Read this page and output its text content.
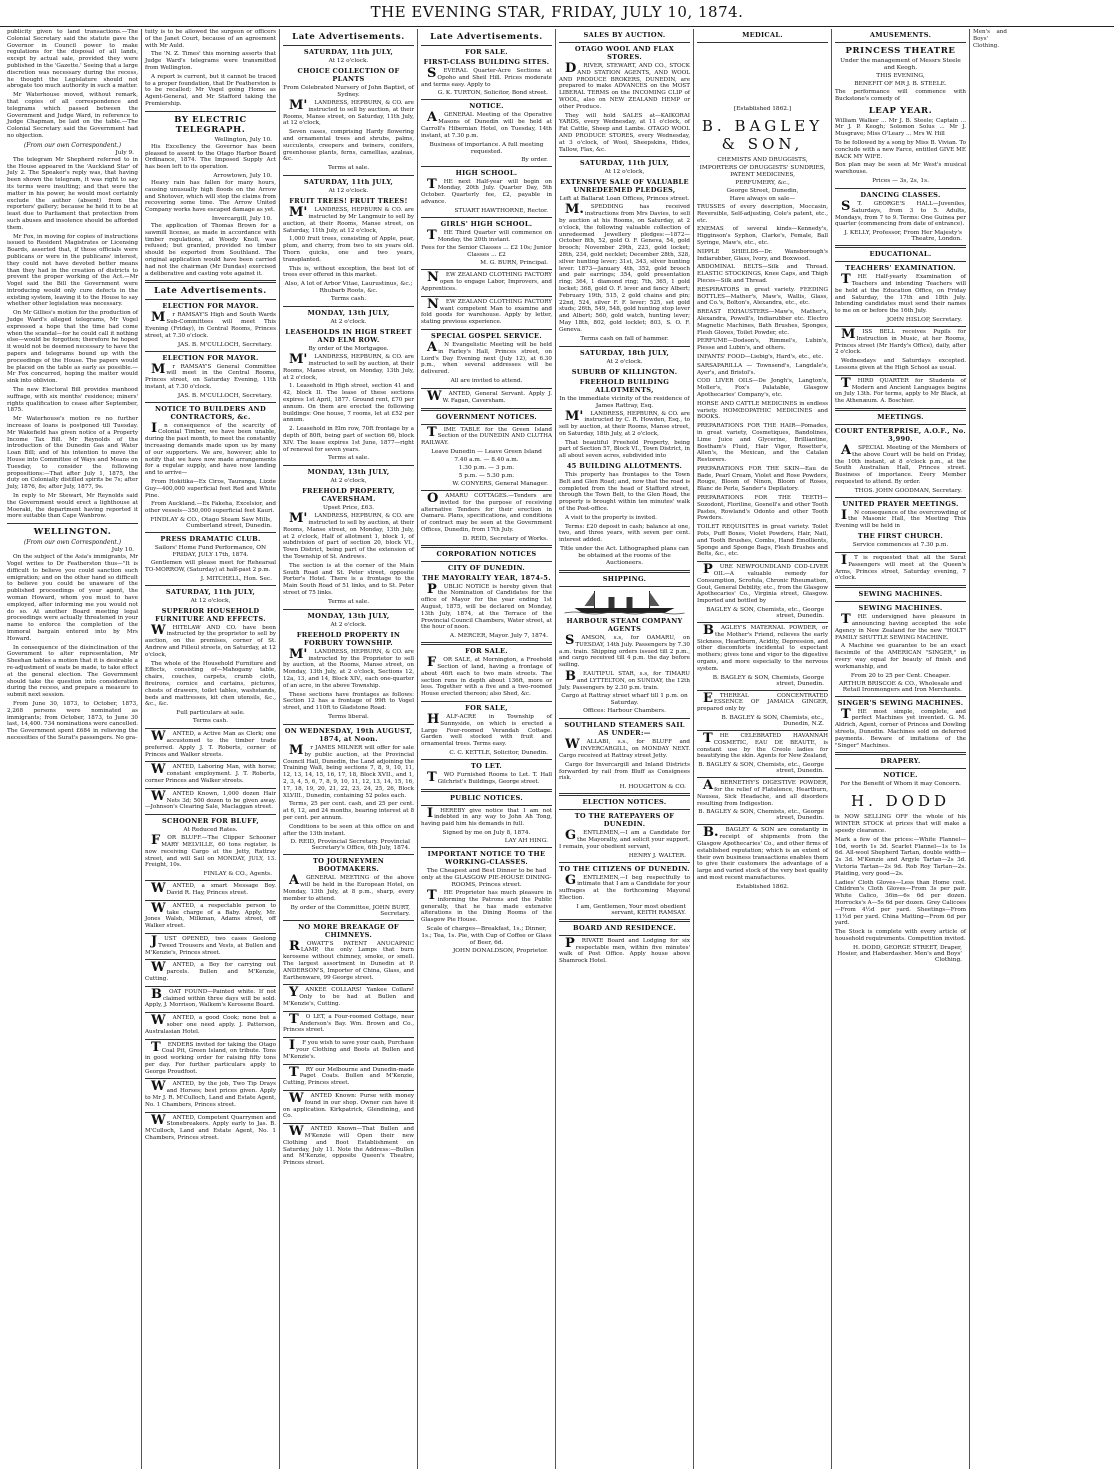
THE EVENING STAR, FRIDAY, JULY 10, 1874.

publicity given to land transactions.—The Colonial Secretary said the statute gave the Governor in Council power to make regulations for the disposal of all lands, except by actual sale, provided they were published in the 'Gazette.' Seeing that a large discretion was necessary during the recess, he thought the Legislature should not abrogate too much authority in such a matter.

Mr Waterhouse moved, without remark, that copies of all correspondence and telegrams which passed between the Government and Judge Ward, in reference to Judge Chapman, be laid on the table.—The Colonial Secretary said the Government had no objection.

(From our own Correspondent.)
July 9.

The telegram Mr Shepherd referred to in the House appeared in the 'Auckland Star' of July 2. The Speaker's reply was, that having been shown the telegram, it was right to say its terms were insulting; and that were the matter in his power, he would most certainly exclude the author (absent) from the reporters' gallery; because he held it to be at least due to Parliament that protection from such abuses and insolence should be afforded them.

Mr Fox, in moving for copies of instructions issued to Resident Magistrates or Licensing Boards, asserted that, if those officials were publicans or were in the publicans' interest, they could not have devoted better means than they had in the creation of districts to prevent the proper working of the Act.—Mr Vogel said the Bill the Government were introducing would only cure defects in the existing system, leaving it to the House to say whether other legislation was necessary.

On Mr Gillies's motion for the production of Judge Ward's alleged telegrams, Mr Vogel expressed a hope that the time had come when the scandal—for he could call it nothing else—would be forgotten; therefore he hoped it would not be deemed necessary to have the papers and telegrams bound up with the proceedings of the House. The papers would be placed on the table as early as possible.—Mr Fox concurred, hoping the matter would sink into oblivion.

The new Electoral Bill provides manhood suffrage, with six months' residence; miners' rights qualification to cease after September, 1875.

Mr Waterhouse's motion re no further increase of loans is postponed till Tuesday. Mr Wakefield has given notice of a Property Income Tax Bill. Mr Reynolds of the introduction of the Dunedin Gas and Water Loan Bill; and of his intention to move the House into Committee of Ways and Means on Tuesday, to consider the following propositions:—That after July 1, 1875, the duty on Colonially distilled spirits be 7s; after July, 1876, 8s; after July, 1877, 9s.

In reply to Mr Stewart, Mr Reynolds said the Government would erect a lighthouse at Moeraki, the department having reported it more suitable than Cape Wanbrow.

WELLINGTON.
(From our own Correspondent.)
July 10.

On the subject of the Asia's immigrants, Mr Vogel writes to Dr Featherston thus—"It is difficult to believe you could sanction such emigration; and on the other hand so difficult to believe you could be unaware of the published proceedings of your agent, the woman Howard, whom you must to have employed, after informing me you would not do so. At another Board meeting legal proceedings were actually threatened in your name to enforce the completion of the immoral bargain entered into by Mrs Howard.

In consequence of the disinclination of the Government to alter representation, Mr Sheehan tables a motion that it is desirable a re-adjustment of seats be made, to take effect at the general election. The Government should take the question into consideration during the recess, and prepare a measure to submit next session.

From June 30, 1873, to October, 1873, 2,268 persons were nominated as immigrants; from October, 1873, to June 30 last, 14,400. 734 nominations were cancelled. The Government spent £684 in relieving the necessities of the Surat's passengers. No gra-

tuity is to be allowed the surgeon or officers of the Janet Court, because of an agreement with Mr Auld.

The 'N. Z. Times' this morning asserts that Judge Ward's telegrams were transmitted from Wellington.

A report is current, but it cannot be traced to a proper foundation, that Dr Featherston is to be recalled; Mr Vogel going Home as Agent-General, and Mr Stafford taking the Premiership.

BY ELECTRIC TELEGRAPH.
Wellington, July 10.

His Excellency the Governor has been pleased to assent to the Otago Harbor Board Ordinance, 1874. The Imposed Supply Act has been left to its operation.

Arrowtown, July 10.

Heavy rain has fallen for many hours, causing unusually high floods on the Arrow and Shotover, which will stop the claims from recovering some time. The Arrow United Company works have escaped damage as yet.

Invercargill, July 10.

The application of Thomas Brown for a sawmill license, as made in accordance with timber regulations, at Woody Knoll, was refused; but granted, provided no timber should be exported from Southland. The original application would have been carried had not the chairman (Mr Dundas) exercised a deliberative and casting vote against it.

Late Advertisements.
ELECTION FOR MAYOR.

Mr RAMSAY'S High and South Wards Sub-Committees will meet This Evening (Friday), in Central Rooms, Princes street, at 7.30 o'clock.

JAS. B. M'CULLOCH, Secretary.
ELECTION FOR MAYOR.

Mr RAMSAY'S General Committee will meet in the Central Rooms, Princes street, on Saturday Evening, 11th instant, at 7.30 o'clock.

JAS. B. M'CULLOCH, Secretary.
NOTICE TO BUILDERS AND CONTRACTORS, &c.

In consequence of the scarcity of Colonial Timber, we have been unable, during the past month, to meet the constantly increasing demands made upon us by many of our supporters. We are, however, able to notify that we have now made arrangements for a regular supply, and have now landing and to arrive—

From Hokitika—Ex Ciros, Tauranga, Lizzie Guy—400,000 superficial feet Red and White Pine.

From Auckland.—Ex Fakeha, Excelsior, and other vessels—350,000 superficial feet Kauri.

FINDLAY & CO., Otago Steam Saw Mills, Cumberland street, Dunedin.
PRESS DRAMATIC CLUB.
Sailors' Home Fund Performance, ON FRIDAY, JULY 17th, 1874.

Gentlemen will please meet for Rehearsal TO-MORROW, (Saturday) at half-past 2 p.m.

J. MITCHELL, Hon. Sec.
SATURDAY, 11th JULY,
At 12 o'clock,
SUPERIOR HOUSEHOLD FURNITURE AND EFFECTS.

WHITELAW AND CO. have been instructed by the proprietor to sell by auction, on the premises, corner of St. Andrew and Filleul streets, on Saturday, at 12 o'clock,

The whole of the Household Furniture and Effects, consisting of—Mahogany table, chairs, couches, carpets, crumb cloth, fireirons, cornice and curtains, pictures, chests of drawers, toilet tables, washstands, beds and mattresses, kit chen utensils, &c., &c., &c.

Full particulars at sale.
Terms cash.

WANTED, a Active Man as Clerk; one accustomed to the timber trade preferred. Apply J. T. Roberts, corner of Princes and Walker streets.

WANTED, Laboring Man, with horse; constant employment. J. T. Roberts, corner Princes and Walker streets.

WANTED Known, 1,000 dozen Hair Nets 3d; 500 dozen to be given away.—Johnson's Clearing Sale, Maclaggan street.

SCHOONER FOR BLUFF,
At Reduced Rates.

FOR BLUFF.—The Clipper Schooner MARY MELVILLE, 60 tons register, is now receiving Cargo at the Jetty, Rattray street, and will Sail on MONDAY, JULY, 13. Freight, 10s.

FINLAY & CO., Agents.

WANTED, a smart Message Boy. David R. Hay, Princes street.

WANTED, a respectable person to take charge of a Baby. Apply, Mr. Jones Walsh, Milkman, Adams street, off Walker street.

JUST OPENED, two cases Geelong Tweed Trousers and Vests, at Bullen and M'Kenzie's, Princes street.

WANTED, a Boy for carrying out parcels. Bullen and M'Kenzie, Cutting.

BOAT FOUND—Painted white. If not claimed within three days will be sold. Apply, J. Morrison, Walkem's Kerosene Board.

WANTED, a good Cook; none but a sober one need apply. J. Patterson, Australasian Hotel.

TENDERS invited for taking the Otago Coal Pit, Green Island, on tribute. Tons in good working order for raising fifty tons per day. For further particulars apply to George Proudfoot.

WANTED, by the job, Two Tip Drays and Horses; best prices given. Apply to Mr J. R. M'Culloch, Land and Estate Agent, No. 1 Chambers, Princes street.

WANTED, Competent Quarrymen and Stonebreakers. Apply early to Jas. B. M'Culloch, Land and Estate Agent, No. 1 Chambers, Princes street.

Late Advertisements.
SATURDAY, 11th JULY,
At 12 o'clock.
CHOICE COLLECTION OF PLANTS
From Celebrated Nursery of John Baptist, of Sydney.

M'LANDRESS, HEPBURN, & CO. are instructed to sell by auction, at their Rooms, Manse street, on Saturday, 11th July, at 12 o'clock,

Seven cases, comprising Hardy flowering and ornamental trees and shrubs, palms, succulents, creepers and twiners, conifers, greenhouse plants, ferns, camellias, azaleas, &c.

Terms at sale.
SATURDAY, 11th JULY,
At 12 o'clock.
FRUIT TREES! FRUIT TREES!

M'LANDRESS, HEPBURN & CO. are instructed by Mr Langmuir to sell by auction, at their Rooms, Manse street, on Saturday, 11th July, at 12 o'clock,

1,000 fruit trees, consisting of Apple, pear, plum, and cherry, from two to six years old. Thorn quicks, one and two years, transplanted.

This is, without exception, the best lot of trees ever offered in this market.

Also, A lot of Arbor Vitae, Laurustinus, &c.; Rhubarb Roots, &c.
Terms cash.
MONDAY, 13th JULY,
At 2 o'clock.
LEASEHOLDS IN HIGH STREET AND ELM ROW.
By order of the Mortgagee.

M'LANDRESS, HEPBURN, & CO. are instructed to sell by auction, at their Rooms, Manse street, on Monday, 13th July, at 2 o'clock,

1. Leasehold in High street, section 41 and 42, block II. The lease of these sections expires 1st April, 1877. Ground rent, £70 per annum. On them are erected the following buildings: One house, 7 rooms, let at £52 per annum.

2. Leasehold in Elm row, 70ft frontage by a depth of 80ft, being part of section 66, block XIV. The lease expires 1st June, 1877—right of renewal for seven years.

Terms at sale.
MONDAY, 13th JULY,
At 2 o'clock,
FREEHOLD PROPERTY, CAVERSHAM.
Upset Price, £63.

M'LANDRESS, HEPBURN, & CO. are instructed to sell by auction, at their Rooms, Manse street, on Monday, 13th July, at 2 o'clock, Half of allotment 1, block 1, of subdivision of part of section 20, block VI., Town District, being part of the extension of the Township of St. Andrews.

The section is at the corner of the Main South Road and St. Peter street, opposite Porter's Hotel. There is a frontage to the Main South Road of 51 links, and to St. Peter street of 75 links.

Terms at sale.
MONDAY, 13th JULY,
At 2 o'clock.
FREEHOLD PROPERTY IN FORBURY TOWNSHIP.

M'LANDRESS, HEPBURN, & CO. are instructed by the Proprietor to sell by auction, at the Rooms, Manse street, on Monday, 13th July, at 2 o'clock, Sections 12, 12a, 13, and 14, Block XIV., each one-quarter of an acre, in the above Township.

These sections have frontages as follows: Section 12 has a frontage of 99ft to Vogel street, and 110ft to Gladstone Road.

Terms liberal.
ON WEDNESDAY, 19th AUGUST, 1874, at Noon.

Mr JAMES MILNER will offer for sale by public auction, at the Provincial Council Hall, Dunedin, the Land adjoining the Training Wall, being sections 7, 8, 9, 10, 11, 12, 13, 14, 15, 16, 17, 18, Block XVII., and 1, 2, 3, 4, 5, 6, 7, 8, 9, 10, 11, 12, 13, 14, 15, 16, 17, 18, 19, 20, 21, 22, 23, 24, 25, 26, Block XLVIII., Dunedin, containing 52 poles each.

Terms, 25 per cent. cash, and 25 per cent. at 6, 12, and 24 months, bearing interest at 8 per cent. per annum.

Conditions to be seen at this office on and after the 13th instant.

D. REID, Provincial Secretary. Provincial Secretary's Office, 6th July, 1874.
TO JOURNEYMEN BOOTMAKERS.

AGENERAL MEETING of the above will be held in the European Hotel, on Monday, 13th July, at 8 p.m., sharp, every member to attend.

By order of the Committee, JOHN BURT, Secretary.
NO MORE BREAKAGE OF CHIMNEYS.

ROWATT'S PATENT ANUCAPNIC LAMP, the only Lamps that burn kerosene without chimney, smoke, or smell. The largest assortment in Dunedin at P. ANDERSON'S, Importer of China, Glass, and Earthenware, 99 George street.

YANKEE COLLARS! Yankee Collars! Only to be had at Bullen and M'Kenzie's, Cutting.

TO LET, a Four-roomed Cottage, near Anderson's Bay. Wm. Brown and Co., Princes street.

IF you wish to save your cash, Purchase your Clothing and Boots at Bullen and M'Kenzie's.

TRY our Melbourne and Dunedin-made Paget Coats. Bullen and M'Kenzie, Cutting, Princes street.

WANTED Known: Purse with money found in our shop. Owner can have it on application. Kirkpatrick, Glendining, and Co.

WANTED Known—That Bullen and M'Kenzie will Open their new Clothing and Boot Establishment on Saturday, July 11. Note the Address:—Bullen and M'Kenzie, opposite Queen's Theatre, Princes street.

Late Advertisements.
FOR SALE.
FIRST-CLASS BUILDING SITES.

SEVERAL Quarter-Acre Sections at Opoho and Sheil Hill. Prices moderate and terms easy. Apply to

G. K. TURTON, Solicitor, Bond street.
NOTICE.

AGENERAL Meeting of the Operative Masons of Dunedin will be held at Carroll's Hibernian Hotel, on Tuesday, 14th instant, at 7.30 p.m.

Business of importance. A full meeting requested.
By order.
HIGH SCHOOL.

THE next Half-year will begin on Monday, 20th July. Quarter Day, 5th October. Quarterly fee, £2, payable in advance.

STUART HAWTHORNE, Rector.
GIRLS' HIGH SCHOOL.

THE Third Quarter will commence on Monday, the 20th instant.

Fees for the Senior Classes ... £2 10s; Junior Classes ... £2
M. G. BURN, Principal.

NEW ZEALAND CLOTHING FACTORY open to engage Labor, Improvers, and Apprentices.

NEW ZEALAND CLOTHING FACTORY want competent Man to examine and fold goods for warehouse. Apply by letter, stating previous experience.

SPECIAL GOSPEL SERVICE.

AN Evangelistic Meeting will be held in Farley's Hall, Princes street, on Lord's Day Evening next (July 12), at 6.30 p.m., when several addresses will be delivered.

All are invited to attend.

WANTED, General Servant. Apply J. W. Fagan, Caversham.

GOVERNMENT NOTICES.

TIME TABLE for the Green Island Section of the DUNEDIN AND CLUTHA RAILWAY.

Leave Dunedin — Leave Green Island
7.40 a.m. — 8.40 a.m.
1.30 p.m. — 3 p.m.
5 p.m. — 5.30 p.m.
W. CONYERS, General Manager.

OAMARU COTTAGES.—Tenders are invited for the purpose of receiving alternative Tenders for their erection in Oamaru. Plans, specifications, and conditions of contract may be seen at the Government Offices, Dunedin, from 17th July.

D. REID, Secretary of Works.
CORPORATION NOTICES
CITY OF DUNEDIN.
THE MAYORALTY YEAR, 1874-5.

PUBLIC NOTICE is hereby given that the Nomination of Candidates for the office of Mayor for the year ending 1st August, 1875, will be declared on Monday, 13th July, 1874, at the Terrace of the Provincial Council Chambers, Water street, at the hour of noon.

A. MERCER, Mayor. July 7, 1874.
FOR SALE.

FOR SALE, at Mornington, a Freehold Section of land, having a frontage of about 46ft each to two main streets. The section runs in depth about 136ft, more or less. Together with a five and a two-roomed House erected thereon; also Shed, &c.

FOR SALE,

HALF-ACRE in Township of Sunnyside, on which is erected a Large Four-roomed Verandah Cottage. Garden well stocked with fruit and ornamental trees. Terms easy.

C. C. KETTLE, Solicitor, Dunedin.
TO LET.

TWO Furnished Rooms to Let. T. Hall Gilchrist's Buildings, George street.

PUBLIC NOTICES.

IHEREBY give notice that I am not indebted in any way to John Ah Tong, having paid him his demands in full.

Signed by me on July 8, 1874.
LAY AH HING.
IMPORTANT NOTICE TO THE WORKING-CLASSES.
The Cheapest and Best Dinner to be had only at the GLASGOW PIE-HOUSE DINING-ROOMS, Princes street.

THE Proprietor has much pleasure in informing the Patrons and the Public generally, that he has made extensive alterations in the Dining Rooms of the Glasgow Pie House.

Scale of charges—Breakfast, 1s.; Dinner, 1s.; Tea, 1s. Pie, with Cup of Coffee or Glass of Beer, 6d.
JOHN DONALDSON, Proprietor.
SALES BY AUCTION.
OTAGO WOOL AND FLAX STORES.

DRIVER, STEWART, AND CO., STOCK AND STATION AGENTS, AND WOOL AND PRODUCE BROKERS, DUNEDIN, are prepared to make ADVANCES on the MOST LIBERAL TERMS on the INCOMING CLIP of WOOL, also on NEW ZEALAND HEMP or other Produce.

They will hold SALES at—KAIKORAI YARDS, every Wednesday, at 11 o'clock, of Fat Cattle, Sheep and Lambs. OTAGO WOOL AND PRODUCE STORES, every Wednesday, at 3 o'clock, of Wool, Sheepskins, Hides, Tallow, Flax, &c.

SATURDAY, 11th JULY,
At 12 o'clock,
EXTENSIVE SALE OF VALUABLE UNREDEEMED PLEDGES,
Left at Ballarat Loan Offices, Princes street.

M.SPEDDING has received instructions from Mrs Davies, to sell by auction at his Rooms, on Saturday, at 2 o'clock, the following valuable collection of unredeemed Jewellery pledges:—1872—October 8th, 52, gold O. F. Geneva, 54, gold brooch; November 29th, 223, gold locket; 28th, 234, gold necklet; December 28th, 328, silver hunting lever; 31st, 343, silver hunting lever. 1873—January 4th, 352, gold brooch and pair earrings; 354, gold presentation ring; 364, 1 diamond ring; 7th, 365, 1 gold locket; 368, gold O. F. lever and fancy Albert; February 19th, 515, 2 gold chains and pin; 22nd, 524, silver F. F. lever; 525, set gold studs; 26th, 549, 548, gold hunting stop lever and Albert; 560, gold watch, hunting lever; May 18th, 802, gold locklet; 803, S. O. F. Geneva.

Terms cash on fall of hammer.
SATURDAY, 18th JULY,
At 2 o'clock.
SUBURB OF KILLINGTON.
FREEHOLD BUILDING ALLOTMENTS,
In the immediate vicinity of the residence of James Rattray, Esq.

M'LANDRESS, HEPBURN, & CO. are instructed by C. R. Howden, Esq., to sell by auction, at their Rooms, Manse street, on Saturday, 18th July, at 2 o'clock,

That beautiful Freehold Property, being part of Section 57, Block VI., Town District, in all about seven acres, subdivided into

45 BUILDING ALLOTMENTS.

This property has frontages to the Town Belt and Glen Road; and, now that the road is completed from the head of Stafford street, through the Town Belt, to the Glen Road, the property is brought within ten minutes' walk of the Post-office.

A visit to the property is invited.

Terms: £20 deposit in cash; balance at one, two, and three years, with seven per cent. interest added.

Title under the Act. Lithographed plans can be obtained at the rooms of the Auctioneers.
SHIPPING.
HARBOUR STEAM COMPANY AGENTS

SAMSON, s.s, for OAMARU, on TUESDAY, 14th July. Passengers by 7.30 a.m. train. Shipping orders issued till 2 p.m., and cargo received till 4 p.m. the day before sailing.

BEAUTIFUL STAR, s.s, for TIMARU and LYTTELTON, on SUNDAY, the 12th July. Passengers by 2.30 p.m. train.

Cargo at Rattray street wharf till 1 p.m. on Saturday.
Offices: Harbour Chambers.
SOUTHLAND STEAMERS SAIL AS UNDER:—

WALLABI, s.s., for BLUFF and INVERCARGILL, on MONDAY NEXT. Cargo received at Rattray street Jetty.

Cargo for Invercargill and Inland Districts forwarded by rail from Bluff as Consignees risk.

H. HOUGHTON & CO.
ELECTION NOTICES.
TO THE RATEPAYERS OF DUNEDIN.

GENTLEMEN,—I am a Candidate for the Mayoralty, and solicit your support. I remain, your obedient servant,

HENRY J. WALTER.
TO THE CITIZENS OF DUNEDIN.

GENTLEMEN,—I beg respectfully to intimate that I am a Candidate for your suffrages at the forthcoming Mayoral Election.

I am, Gentlemen, Your most obedient servant, KEITH RAMSAY.
BOARD AND RESIDENCE.

PRIVATE Board and Lodging for six respectable men, within five minutes' walk of Post Office. Apply house above Shamrock Hotel.

MEDICAL.
[Established 1862.]
B. BAGLEY & SON,
CHEMISTS AND DRUGGISTS,
IMPORTERS OF DRUGGISTS' SUNDRIES, PATENT MEDICINES,
PERFUMERY, &c.,
George Street, Dunedin,
Have always on sale—

TRUSSES of every description, Moccasin, Reversible, Self-adjusting, Cole's patent, etc., etc.

ENEMAS of several kinds—Kennedy's, Higginson's Syphon, Clarke's, Female, Ball Syringe, Maw's, etc., etc.

NIPPLE SHIELDS—Dr. Wansborough's Indiarubber, Glass, Ivory, and Boxwood.

ABDOMINAL BELTS—Silk and Thread. ELASTIC STOCKINGS, Knee Caps, and Thigh Pieces—Silk and Thread.

RESPIRATORS in great variety. FEEDING BOTTLES—Mather's, Maw's, Wallis, Glass, and Co.'s, Bolton's, Alexandra, etc., etc.

BREAST EXHAUSTERS—Maw's, Mather's, Alexandra, Powell's, Indiarubber etc. Electro Magnetic Machines, Bath Brushes, Sponges, Flesh Gloves, Toilet Powder, etc.

PERFUME—Dodson's, Rimmel's, Lubin's, Piesse and Lubin's, and others.

INFANTS' FOOD—Liebig's, Hard's, etc., etc.

SARSAPARILLA — Townsend's, Langdale's, Ayer's, and Bristol's.

COD LIVER OILS—De Jongh's, Langton's, Moller's, Fox's Palatable, Glasgow Apothecaries' Company's, etc.

HORSE AND CATTLE MEDICINES in endless variety. HOMŒOPATHIC MEDICINES and BOOKS.

PREPARATIONS FOR THE HAIR—Pomades, in great variety, Cosmetiques, Bandolines, Lime Juice and Glycerine, Brilliantine, Bostham's Fluid, Hair Vigor, Rosetter's, Allen's, the Mexican, and the Catalan Restorers.

PREPARATIONS FOR THE SKIN—Eau de Bade, Pearl Cream, Violet and Rose Powders, Rouge, Bloom of Ninon, Bloom of Roses, Blanc de Perle, Sander's Depilatory.

PREPARATIONS FOR THE TEETH—Sozodont, Floriline, Gosnell's and other Tooth Pastes, Rowland's Odonto and other Tooth Powders.

TOILET REQUISITES in great variety. Toilet Pots, Puff Boxes, Violet Powders, Hair, Nail, and Tooth Brushes, Combs, Hand Emollients, Sponge and Sponge Bags, Flesh Brushes and Belts, &c., etc.

PURE NEWFOUNDLAND COD-LIVER OIL—A valuable remedy for Consumption, Scrofula, Chronic Rheumatism, Gout, General Debility, etc., from the Glasgow Apothecaries' Co., Virginia street, Glasgow. Imported and bottled by

BAGLEY & SON, Chemists, etc., George street, Dunedin.

BAGLEY'S MATERNAL POWDER, or the Mother's Friend, relieves the early Sickness, Heartburn, Acidity, Depression, and other discomforts incidental to expectant mothers; gives tone and vigor to the digestive organs, and more especially to the nervous system.

B. BAGLEY & SON, Chemists, George street, Dunedin.

ETHEREAL CONCENTRATED ESSENCE OF JAMAICA GINGER, prepared only by

B. BAGLEY & SON, Chemists, etc., Dunedin, N.Z.

THE CELEBRATED HAVANNAH COSMETIC, EAU DE BEAUTE, is constant use by the Creole ladies for beautifying the skin. Agents for New Zealand,

B. BAGLEY & SON, Chemists, etc., George street, Dunedin.

ABERNETHY'S DIGESTIVE POWDER, for the relief of Flatulence, Heartburn, Nausea, Sick Headache, and all disorders resulting from Indigestion.

B. BAGLEY & SON, Chemists, etc., George street, Dunedin.

B.BAGLEY & SON are constantly in receipt of shipments from the Glasgow Apothecaries' Co., and other firms of established reputation; which is an extent of their own business transactions enables them to give their customers the advantage of a large and varied stock of the very best quality and most recent manufactures.

Established 1862.
AMUSEMENTS.
PRINCESS THEATRE
Under the management of Messrs Steele and Keogh.
THIS EVENING,
BENEFIT OF MR J. B. STEELE.

The performance will commence with Buckstone's comedy of

LEAP YEAR.

William Walker ... Mr J. B. Steele; Captain ... Mr J. P. Keogh; Solomon Solus ... Mr J. Musgrave; Miss O'Leary ... Mrs W. Hill

To be followed by a song by Miss B. Vivian. To conclude with a new Farce, entitled GIVE ME BACK MY WIFE.

Box plan may be seen at Mr West's musical warehouse.

Prices — 3s, 2s, 1s.
DANCING CLASSES.

ST. GEORGE'S HALL—Juveniles, Saturdays, from 3 to 5. Adults, Mondays, from 7 to 9. Terms: One Guinea per quarter (commencing from date of entrance).

J. KELLY, Professor, From Her Majesty's Theatre, London.
EDUCATIONAL.
TEACHERS' EXAMINATION.

THE Half-yearly Examination of Teachers and intending Teachers will be held at the Education Office, on Friday and Saturday, the 17th and 18th July. Intending candidates must send their names to me on or before the 16th July.

JOHN HISLOP, Secretary.

MISS BELL receives Pupils for Instruction in Music, at her Rooms, Princes street (Mr Hardy's Office), daily, after 2 o'clock.

Wednesdays and Saturdays excepted. Lessons given at the High School as usual.

THIRD QUARTER for Students of Modern and Ancient Languages begins on July 13th. For terms, apply to Mr Black, at the Athenæum. A. Boschier.

MEETINGS.
COURT ENTERPRISE, A.O.F., No. 3,990.

ASPECIAL Meeting of the Members of the above Court will be held on Friday, the 10th instant, at 8 o'clock p.m., at the South Australian Hall, Princes street. Business of importance. Every Member requested to attend. By order.

THOS. JOHN GOODMAN, Secretary.
UNITED PRAYER MEETINGS.

IN consequence of the overcrowding of the Masonic Hall, the Meeting This Evening will be held in

THE FIRST CHURCH.
Service commences at 7.30 p.m.

IT is requested that all the Surat Passengers will meet at the Queen's Arms, Princes street, Saturday evening, 7 o'clock.

SEWING MACHINES.
SEWING MACHINES.

THE undersigned have pleasure in announcing having accepted the sole Agency in New Zealand for the new "HOLT" FAMILY SHUTTLE SEWING MACHINE.

A Machine we guarantee to be an exact facsimile of the AMERICAN "SINGER," in every way equal for beauty of finish and workmanship, and

From 20 to 25 per Cent. Cheaper.
ARTHUR BRISCOE & CO., Wholesale and Retail Ironmongers and Iron Merchants.
SINGER'S SEWING MACHINES.

THE most simple, complete, and perfect Machines yet invented. G. M. Aldrich, Agent, corner of Princes and Dowling streets, Dunedin. Machines sold on deferred payments. Beware of imitations of the "Singer" Machines.

DRAPERY.
NOTICE.
For the Benefit of Whom it may Concern.
H. DODD

is NOW SELLING OFF the whole of his WINTER STOCK at prices that will make a speedy clearance.

Mark a few of the prices:—White Flannel—10d, worth 1s 3d. Scarlet Flannel—1s to 1s 6d. All-wool Shepherd Tartan, double width—2s 3d. M'Kenzie and Argyle Tartan—2s 3d. Victoria Tartan—2s 9d. Rob Roy Tartan—2s. Plaiding, very good—2s.

Ladies' Cloth Gloves—Less than Home cost. Children's Cloth Gloves—From 3s per pair. White Calico, 36in—6s 6d per dozen. Horrocks's A—5s 6d per dozen. Grey Calicoes—From 4½d per yard. Sheetings—From 11½d per yard. China Matting—From 6d per yard.

The Stock is complete with every article of household requirements. Competition invited.

H. DODD, GEORGE STREET, Draper, Hosier, and Haberdasher. Men's and Boys' Clothing.
Men's and Boys' Clothing.
